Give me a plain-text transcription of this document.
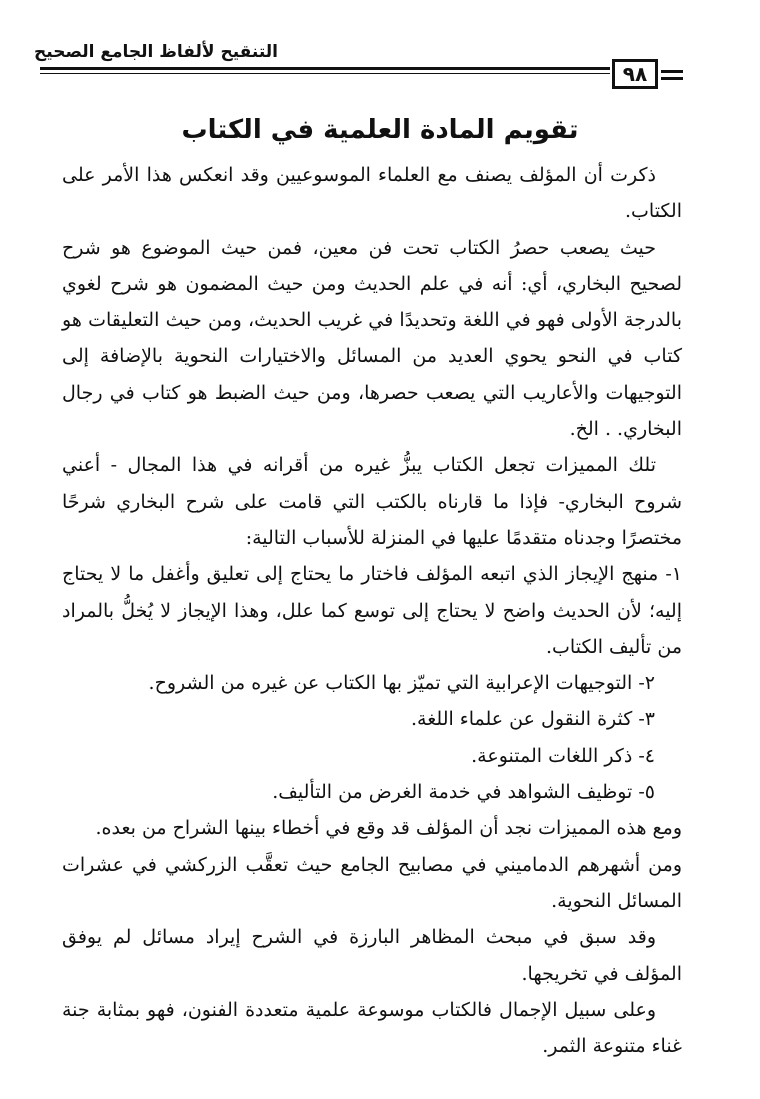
التنقيح لألفاظ الجامع الصحيح
٩٨
تقويم المادة العلمية في الكتاب

ذكرت أن المؤلف يصنف مع العلماء الموسوعيين وقد انعكس هذا الأمر على الكتاب.

حيث يصعب حصرُ الكتاب تحت فن معين، فمن حيث الموضوع هو شرح لصحيح البخاري، أي: أنه في علم الحديث ومن حيث المضمون هو شرح لغوي بالدرجة الأولى فهو في اللغة وتحديدًا في غريب الحديث، ومن حيث التعليقات هو كتاب في النحو يحوي العديد من المسائل والاختيارات النحوية بالإضافة إلى التوجيهات والأعاريب التي يصعب حصرها، ومن حيث الضبط هو كتاب في رجال البخاري. . الخ.

تلك المميزات تجعل الكتاب يبزُّ غيره من أقرانه في هذا المجال - أعني شروح البخاري- فإذا ما قارناه بالكتب التي قامت على شرح البخاري شرحًا مختصرًا وجدناه متقدمًا عليها في المنزلة للأسباب التالية:

١- منهج الإيجاز الذي اتبعه المؤلف فاختار ما يحتاج إلى تعليق وأغفل ما لا يحتاج إليه؛ لأن الحديث واضح لا يحتاج إلى توسع كما علل، وهذا الإيجاز لا يُخلُّ بالمراد من تأليف الكتاب.

٢- التوجيهات الإعرابية التي تميّز بها الكتاب عن غيره من الشروح.

٣- كثرة النقول عن علماء اللغة.

٤- ذكر اللغات المتنوعة.

٥- توظيف الشواهد في خدمة الغرض من التأليف.

ومع هذه المميزات نجد أن المؤلف قد وقع في أخطاء بينها الشراح من بعده.

ومن أشهرهم الدماميني في مصابيح الجامع حيث تعقَّب الزركشي في عشرات المسائل النحوية.

وقد سبق في مبحث المظاهر البارزة في الشرح إيراد مسائل لم يوفق المؤلف في تخريجها.

وعلى سبيل الإجمال فالكتاب موسوعة علمية متعددة الفنون، فهو بمثابة جنة غناء متنوعة الثمر.
